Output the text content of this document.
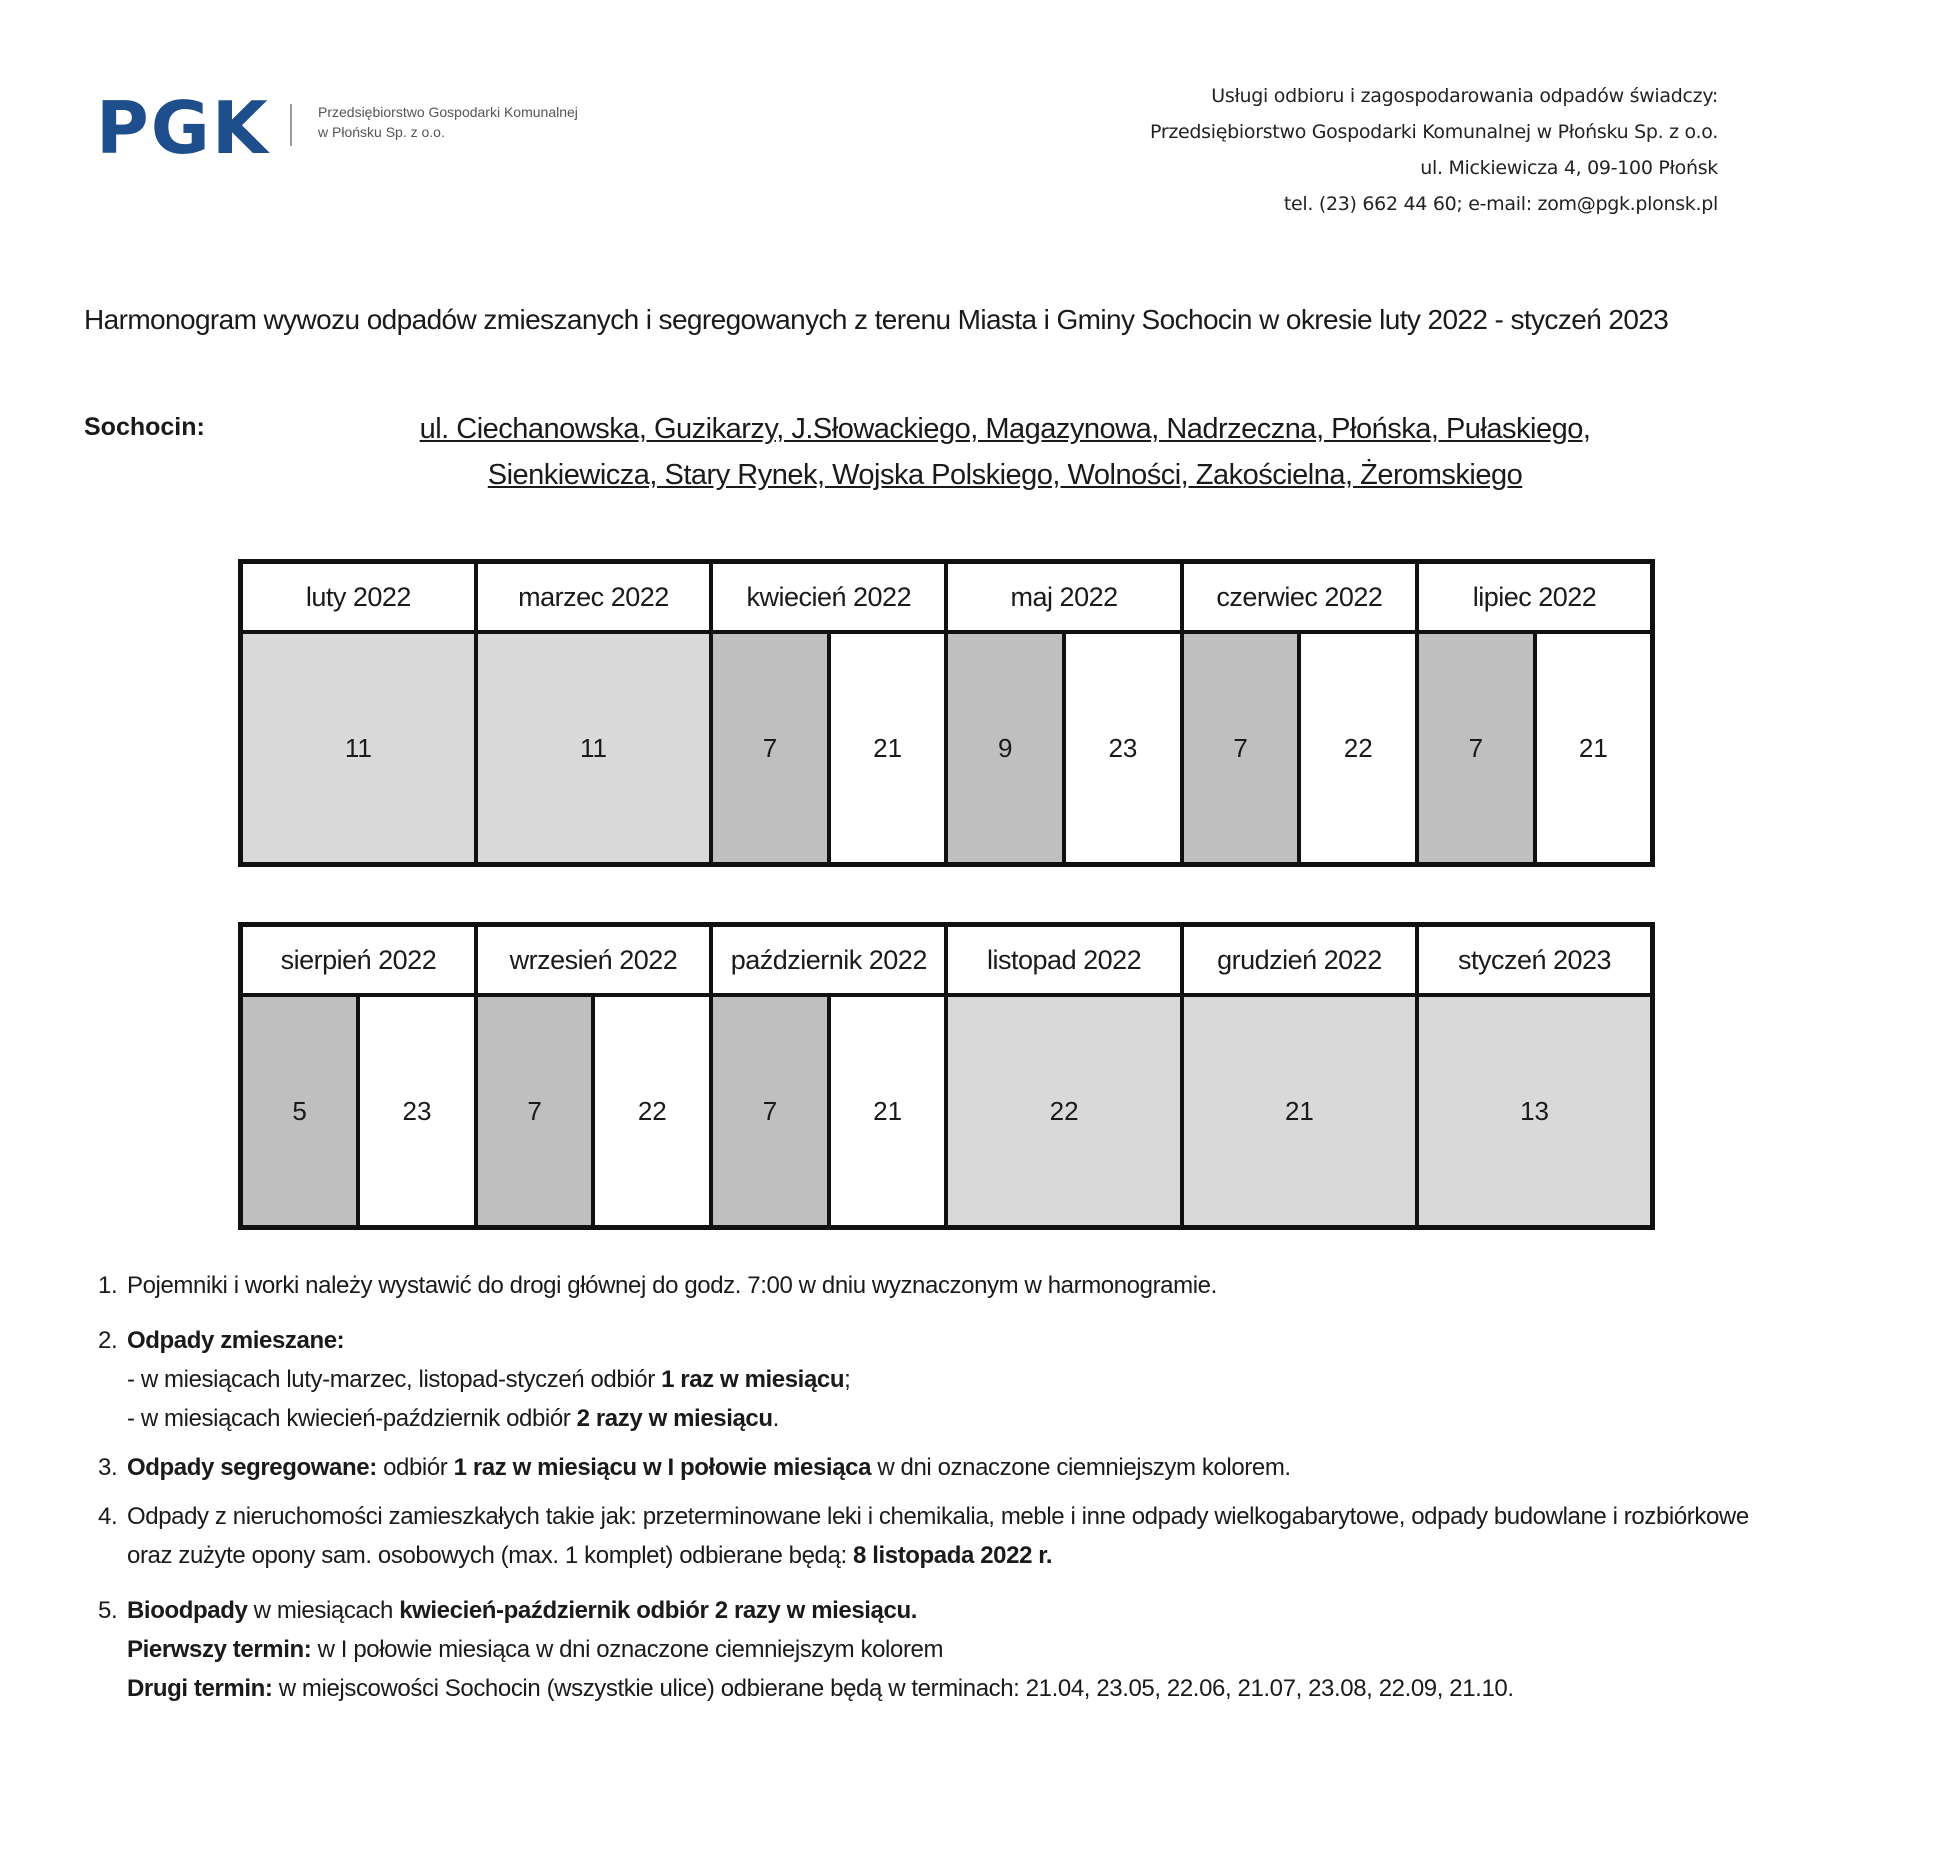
PGK	Przedsiębiorstwo Gospodarki Komunalnej
w Płońsku Sp. z o.o.
Usługi odbioru i zagospodarowania odpadów świadczy:
Przedsiębiorstwo Gospodarki Komunalnej w Płońsku Sp. z o.o.
ul. Mickiewicza 4, 09-100 Płońsk
tel. (23) 662 44 60; e-mail: zom@pgk.plonsk.pl
Harmonogram wywozu odpadów zmieszanych i segregowanych z terenu Miasta i Gminy Sochocin w okresie luty 2022 - styczeń 2023
Sochocin:	ul. Ciechanowska, Guzikarzy, J.Słowackiego, Magazynowa, Nadrzeczna, Płońska, Pułaskiego,
Sienkiewicza, Stary Rynek, Wojska Polskiego, Wolności, Zakościelna, Żeromskiego
luty 2022	marzec 2022	kwiecień 2022		maj 2022		czerwiec 2022		lipiec 2022	
11	11	7	21	9	23	7	22	7	21
sierpień 2022		wrzesień 2022		październik 2022		listopad 2022	grudzień 2022	styczeń 2023
5	23	7	22	7	21	22	21	13
1. Pojemniki i worki należy wystawić do drogi głównej do godz. 7:00 w dniu wyznaczonym w harmonogramie.
2. Odpady zmieszane:
- w miesiącach luty-marzec, listopad-styczeń odbiór 1 raz w miesiącu;
- w miesiącach kwiecień-październik odbiór 2 razy w miesiącu.
3. Odpady segregowane: odbiór 1 raz w miesiącu w I połowie miesiąca w dni oznaczone ciemniejszym kolorem.
4. Odpady z nieruchomości zamieszkałych takie jak: przeterminowane leki i chemikalia, meble i inne odpady wielkogabarytowe, odpady budowlane i rozbiórkowe
oraz zużyte opony sam. osobowych (max. 1 komplet) odbierane będą: 8 listopada 2022 r.
5. Bioodpady w miesiącach kwiecień-październik odbiór 2 razy w miesiącu.
Pierwszy termin: w I połowie miesiąca w dni oznaczone ciemniejszym kolorem
Drugi termin: w miejscowości Sochocin (wszystkie ulice) odbierane będą w terminach: 21.04, 23.05, 22.06, 21.07, 23.08, 22.09, 21.10.
